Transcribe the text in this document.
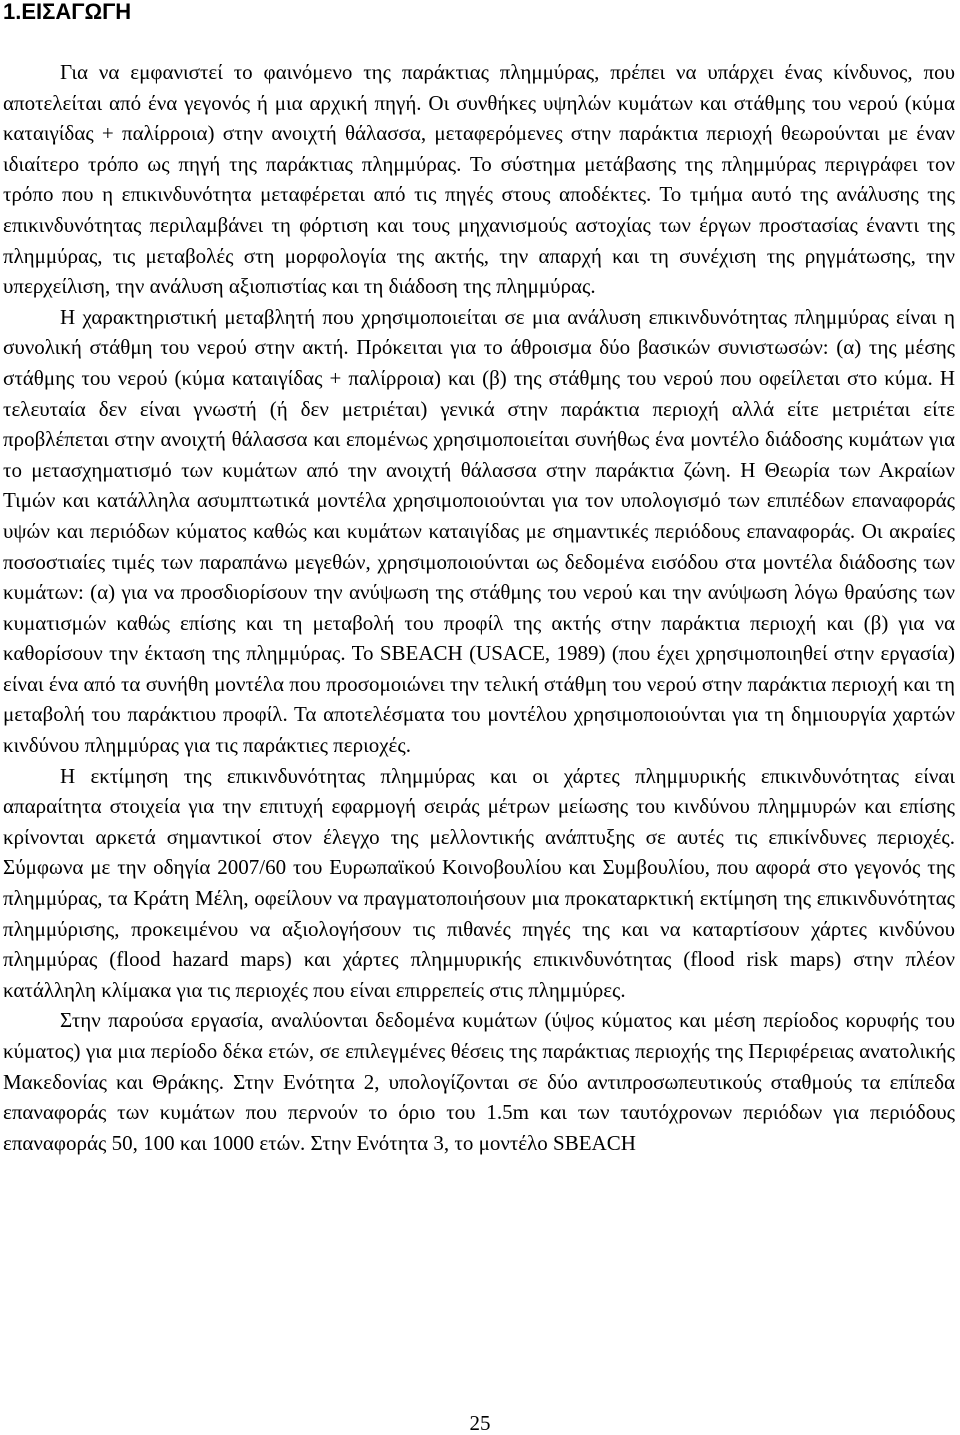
1.ΕΙΣΑΓΩΓΗ

Για να εμφανιστεί το φαινόμενο της παράκτιας πλημμύρας, πρέπει να υπάρχει ένας κίνδυνος, που αποτελείται από ένα γεγονός ή μια αρχική πηγή. Οι συνθήκες υψηλών κυμάτων και στάθμης του νερού (κύμα καταιγίδας + παλίρροια) στην ανοιχτή θάλασσα, μεταφερόμενες στην παράκτια περιοχή θεωρούνται με έναν ιδιαίτερο τρόπο ως πηγή της παράκτιας πλημμύρας. Το σύστημα μετάβασης της πλημμύρας περιγράφει τον τρόπο που η επικινδυνότητα μεταφέρεται από τις πηγές στους αποδέκτες. Το τμήμα αυτό της ανάλυσης της επικινδυνότητας περιλαμβάνει τη φόρτιση και τους μηχανισμούς αστοχίας των έργων προστασίας έναντι της πλημμύρας, τις μεταβολές στη μορφολογία της ακτής, την απαρχή και τη συνέχιση της ρηγμάτωσης, την υπερχείλιση, την ανάλυση αξιοπιστίας και τη διάδοση της πλημμύρας.

Η χαρακτηριστική μεταβλητή που χρησιμοποιείται σε μια ανάλυση επικινδυνότητας πλημμύρας είναι η συνολική στάθμη του νερού στην ακτή. Πρόκειται για το άθροισμα δύο βασικών συνιστωσών: (α) της μέσης στάθμης του νερού (κύμα καταιγίδας + παλίρροια) και (β) της στάθμης του νερού που οφείλεται στο κύμα. Η τελευταία δεν είναι γνωστή (ή δεν μετριέται) γενικά στην παράκτια περιοχή αλλά είτε μετριέται είτε προβλέπεται στην ανοιχτή θάλασσα και επομένως χρησιμοποιείται συνήθως ένα μοντέλο διάδοσης κυμάτων για το μετασχηματισμό των κυμάτων από την ανοιχτή θάλασσα στην παράκτια ζώνη. Η Θεωρία των Ακραίων Τιμών και κατάλληλα ασυμπτωτικά μοντέλα χρησιμοποιούνται για τον υπολογισμό των επιπέδων επαναφοράς υψών και περιόδων κύματος καθώς και κυμάτων καταιγίδας με σημαντικές περιόδους επαναφοράς. Οι ακραίες ποσοστιαίες τιμές των παραπάνω μεγεθών, χρησιμοποιούνται ως δεδομένα εισόδου στα μοντέλα διάδοσης των κυμάτων: (α) για να προσδιορίσουν την ανύψωση της στάθμης του νερού και την ανύψωση λόγω θραύσης των κυματισμών καθώς επίσης και τη μεταβολή του προφίλ της ακτής στην παράκτια περιοχή και (β) για να καθορίσουν την έκταση της πλημμύρας. Το SBEACH (USACE, 1989) (που έχει χρησιμοποιηθεί στην εργασία) είναι ένα από τα συνήθη μοντέλα που προσομοιώνει την τελική στάθμη του νερού στην παράκτια περιοχή και τη μεταβολή του παράκτιου προφίλ. Τα αποτελέσματα του μοντέλου χρησιμοποιούνται για τη δημιουργία χαρτών κινδύνου πλημμύρας για τις παράκτιες περιοχές.

Η εκτίμηση της επικινδυνότητας πλημμύρας και οι χάρτες πλημμυρικής επικινδυνότητας είναι απαραίτητα στοιχεία για την επιτυχή εφαρμογή σειράς μέτρων μείωσης του κινδύνου πλημμυρών και επίσης κρίνονται αρκετά σημαντικοί στον έλεγχο της μελλοντικής ανάπτυξης σε αυτές τις επικίνδυνες περιοχές. Σύμφωνα με την οδηγία 2007/60 του Ευρωπαϊκού Κοινοβουλίου και Συμβουλίου, που αφορά στο γεγονός της πλημμύρας, τα Κράτη Μέλη, οφείλουν να πραγματοποιήσουν μια προκαταρκτική εκτίμηση της επικινδυνότητας πλημμύρισης, προκειμένου να αξιολογήσουν τις πιθανές πηγές της και να καταρτίσουν χάρτες κινδύνου πλημμύρας (flood hazard maps) και χάρτες πλημμυρικής επικινδυνότητας (flood risk maps) στην πλέον κατάλληλη κλίμακα για τις περιοχές που είναι επιρρεπείς στις πλημμύρες.

Στην παρούσα εργασία, αναλύονται δεδομένα κυμάτων (ύψος κύματος και μέση περίοδος κορυφής του κύματος) για μια περίοδο δέκα ετών, σε επιλεγμένες θέσεις της παράκτιας περιοχής της Περιφέρειας ανατολικής Μακεδονίας και Θράκης. Στην Ενότητα 2, υπολογίζονται σε δύο αντιπροσωπευτικούς σταθμούς τα επίπεδα επαναφοράς των κυμάτων που περνούν το όριο του 1.5m και των ταυτόχρονων περιόδων για περιόδους επαναφοράς 50, 100 και 1000 ετών. Στην Ενότητα 3, το μοντέλο SBEACH

25
